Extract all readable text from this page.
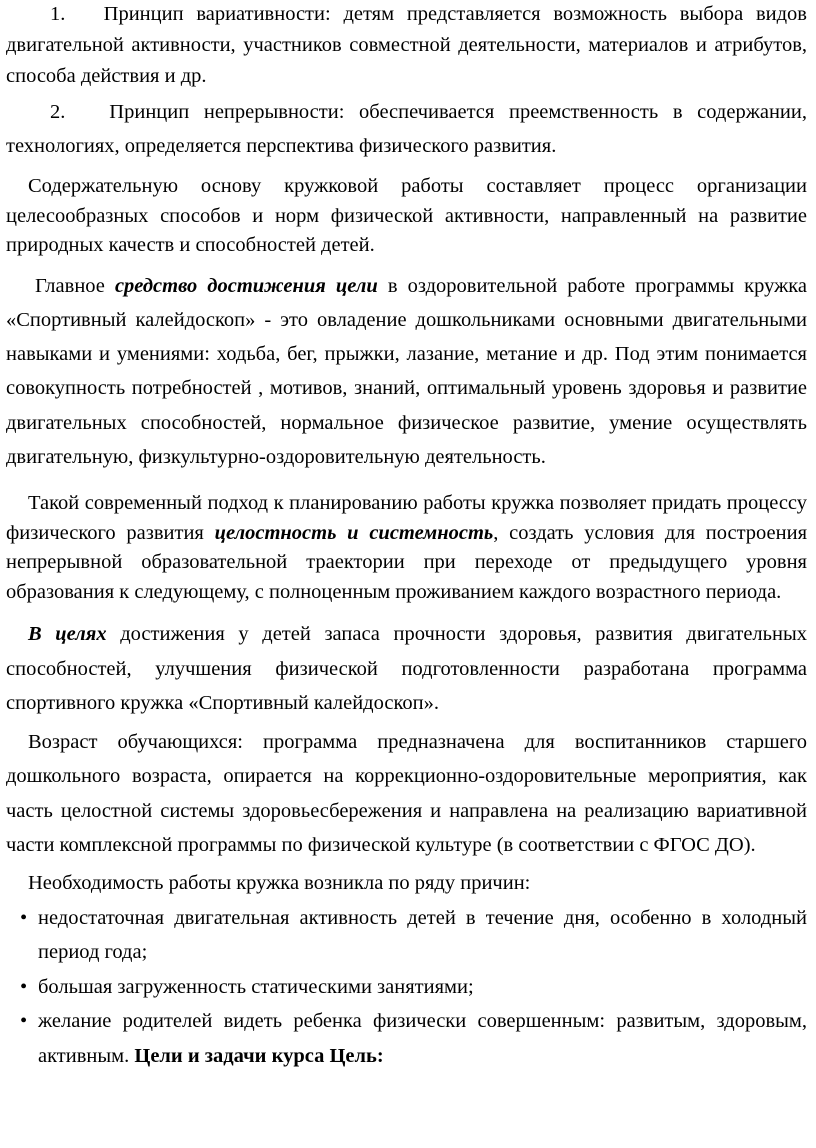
1. Принцип вариативности: детям представляется возможность выбора видов двигательной активности, участников совместной деятельности, материалов и атрибутов, способа действия и др.

2. Принцип непрерывности: обеспечивается преемственность в содержании, технологиях, определяется перспектива физического развития.

Содержательную основу кружковой работы составляет процесс организации целесообразных способов и норм физической активности, направленный на развитие природных качеств и способностей детей.

Главное средство достижения цели в оздоровительной работе программы кружка «Спортивный калейдоскоп» - это овладение дошкольниками основными двигательными навыками и умениями: ходьба, бег, прыжки, лазание, метание и др. Под этим понимается совокупность потребностей , мотивов, знаний, оптимальный уровень здоровья и развитие двигательных способностей, нормальное физическое развитие, умение осуществлять двигательную, физкультурно-оздоровительную деятельность.

Такой современный подход к планированию работы кружка позволяет придать процессу физического развития целостность и системность, создать условия для построения непрерывной образовательной траектории при переходе от предыдущего уровня образования к следующему, с полноценным проживанием каждого возрастного периода.

В целях достижения у детей запаса прочности здоровья, развития двигательных способностей, улучшения физической подготовленности разработана программа спортивного кружка «Спортивный калейдоскоп».

Возраст обучающихся: программа предназначена для воспитанников старшего дошкольного возраста, опирается на коррекционно-оздоровительные мероприятия, как часть целостной системы здоровьесбережения и направлена на реализацию вариативной части комплексной программы по физической культуре (в соответствии с ФГОС ДО).

Необходимость работы кружка возникла по ряду причин:

• недостаточная двигательная активность детей в течение дня, особенно в холодный период года;
• большая загруженность статическими занятиями;
• желание родителей видеть ребенка физически совершенным: развитым, здоровым, активным. Цели и задачи курса Цель:
